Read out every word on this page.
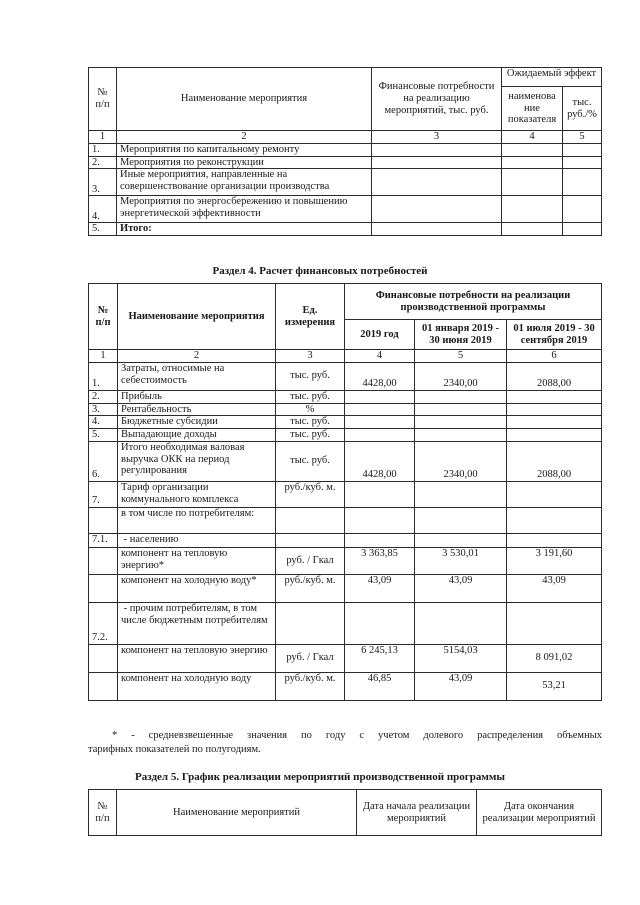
№ п/п	Наименование мероприятия	Финансовые потребности на реализацию мероприятий, тыс. руб.	Ожидаемый эффект	
			наименова ние показателя	тыс. руб./%
1	2	3	4	5
1.	Мероприятия по капитальному ремонту			
2.	Мероприятия по реконструкции			
3.	Иные мероприятия, направленные на совершенствование организации производства			
4.	Мероприятия по энергосбережению и повышению энергетической эффективности			
5.	Итого:			
Раздел 4. Расчет финансовых потребностей
№ п/п	Наименование мероприятия	Ед. измерения	Финансовые потребности на реализации производственной программы		
			2019 год	01 января 2019 - 30 июня 2019	01 июля 2019 - 30 сентября 2019
1	2	3	4	5	6
1.	Затраты, относимые на себестоимость	тыс. руб.	4428,00	2340,00	2088,00
2.	Прибыль	тыс. руб.			
3.	Рентабельность	%			
4.	Бюджетные субсидии	тыс. руб.			
5.	Выпадающие доходы	тыс. руб.			
6.	Итого необходимая валовая выручка ОКК на период регулирования	тыс. руб.	4428,00	2340,00	2088,00
7.	Тариф организации коммунального комплекса	руб./куб. м.			
	в том числе по потребителям:				
7.1.	- населению				
	компонент на тепловую энергию*	руб. / Гкал	3 363,85	3 530,01	3 191,60
	компонент на холодную воду*	руб./куб. м.	43,09	43,09	43,09
7.2.	- прочим потребителям, в том числе бюджетным потребителям				
	компонент на тепловую энергию	руб. / Гкал	6 245,13	5154,03	8 091,02
	компонент на холодную воду	руб./куб. м.	46,85	43,09	53,21
* - средневзвешенные значения по году с учетом долевого распределения объемных
тарифных показателей по полугодиям.
Раздел 5. График реализации мероприятий производственной программы
№ п/п	Наименование мероприятий	Дата начала реализации мероприятий	Дата окончания реализации мероприятий
